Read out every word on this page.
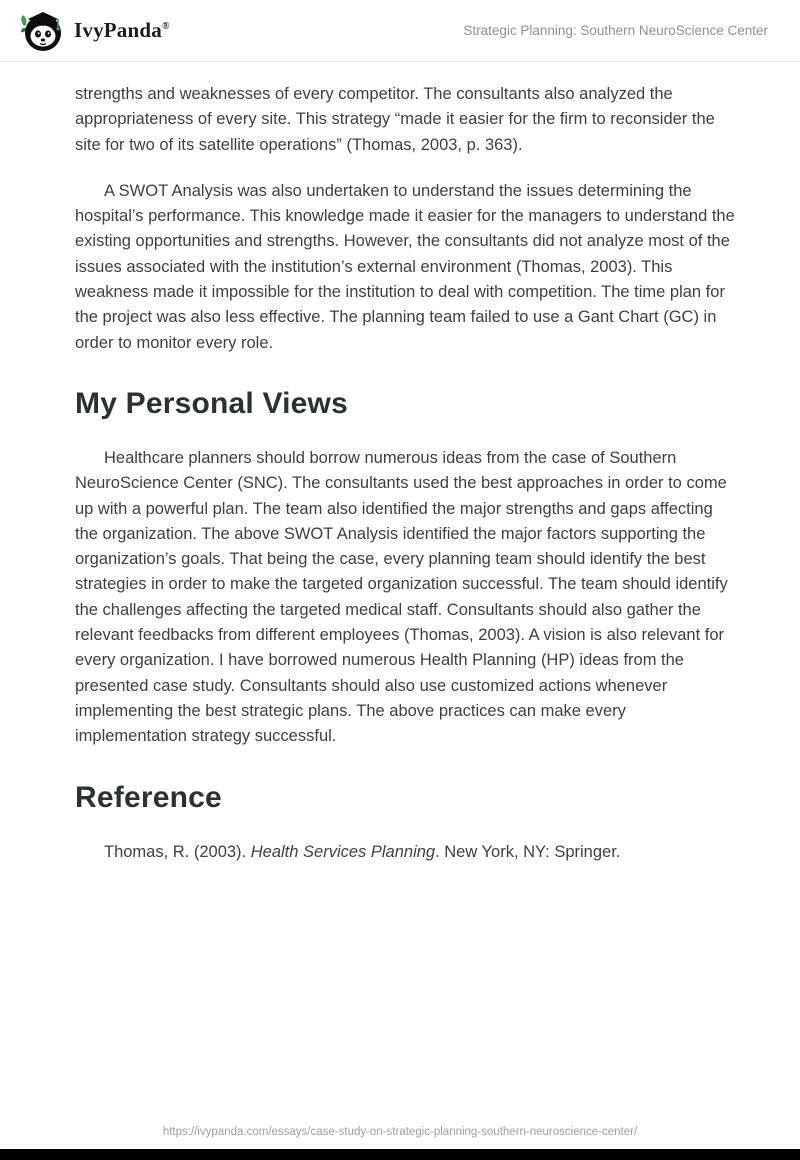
IvyPanda®	Strategic Planning: Southern NeuroScience Center

strengths and weaknesses of every competitor. The consultants also analyzed the appropriateness of every site. This strategy “made it easier for the firm to reconsider the site for two of its satellite operations” (Thomas, 2003, p. 363).

A SWOT Analysis was also undertaken to understand the issues determining the hospital’s performance. This knowledge made it easier for the managers to understand the existing opportunities and strengths. However, the consultants did not analyze most of the issues associated with the institution’s external environment (Thomas, 2003). This weakness made it impossible for the institution to deal with competition. The time plan for the project was also less effective. The planning team failed to use a Gant Chart (GC) in order to monitor every role.

My Personal Views

Healthcare planners should borrow numerous ideas from the case of Southern NeuroScience Center (SNC). The consultants used the best approaches in order to come up with a powerful plan. The team also identified the major strengths and gaps affecting the organization. The above SWOT Analysis identified the major factors supporting the organization’s goals. That being the case, every planning team should identify the best strategies in order to make the targeted organization successful. The team should identify the challenges affecting the targeted medical staff. Consultants should also gather the relevant feedbacks from different employees (Thomas, 2003). A vision is also relevant for every organization. I have borrowed numerous Health Planning (HP) ideas from the presented case study. Consultants should also use customized actions whenever implementing the best strategic plans. The above practices can make every implementation strategy successful.

Reference

Thomas, R. (2003). Health Services Planning. New York, NY: Springer.

https://ivypanda.com/essays/case-study-on-strategic-planning-southern-neuroscience-center/
